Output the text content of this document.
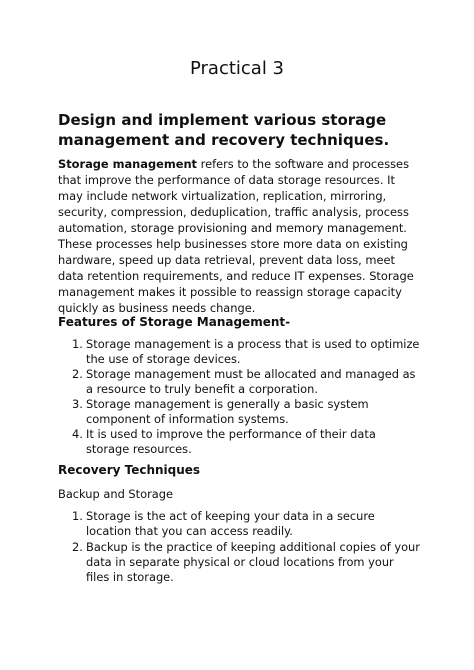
Practical 3
Design and implement various storage management and recovery techniques.

Storage management refers to the software and processes that improve the performance of data storage resources. It may include network virtualization, replication, mirroring, security, compression, deduplication, traffic analysis, process automation, storage provisioning and memory management. These processes help businesses store more data on existing hardware, speed up data retrieval, prevent data loss, meet data retention requirements, and reduce IT expenses. Storage management makes it possible to reassign storage capacity quickly as business needs change.

Features of Storage Management-
1. Storage management is a process that is used to optimize the use of storage devices.
2. Storage management must be allocated and managed as a resource to truly benefit a corporation.
3. Storage management is generally a basic system component of information systems.
4. It is used to improve the performance of their data storage resources.
Recovery Techniques
Backup and Storage
1. Storage is the act of keeping your data in a secure location that you can access readily.
2. Backup is the practice of keeping additional copies of your data in separate physical or cloud locations from your files in storage.
